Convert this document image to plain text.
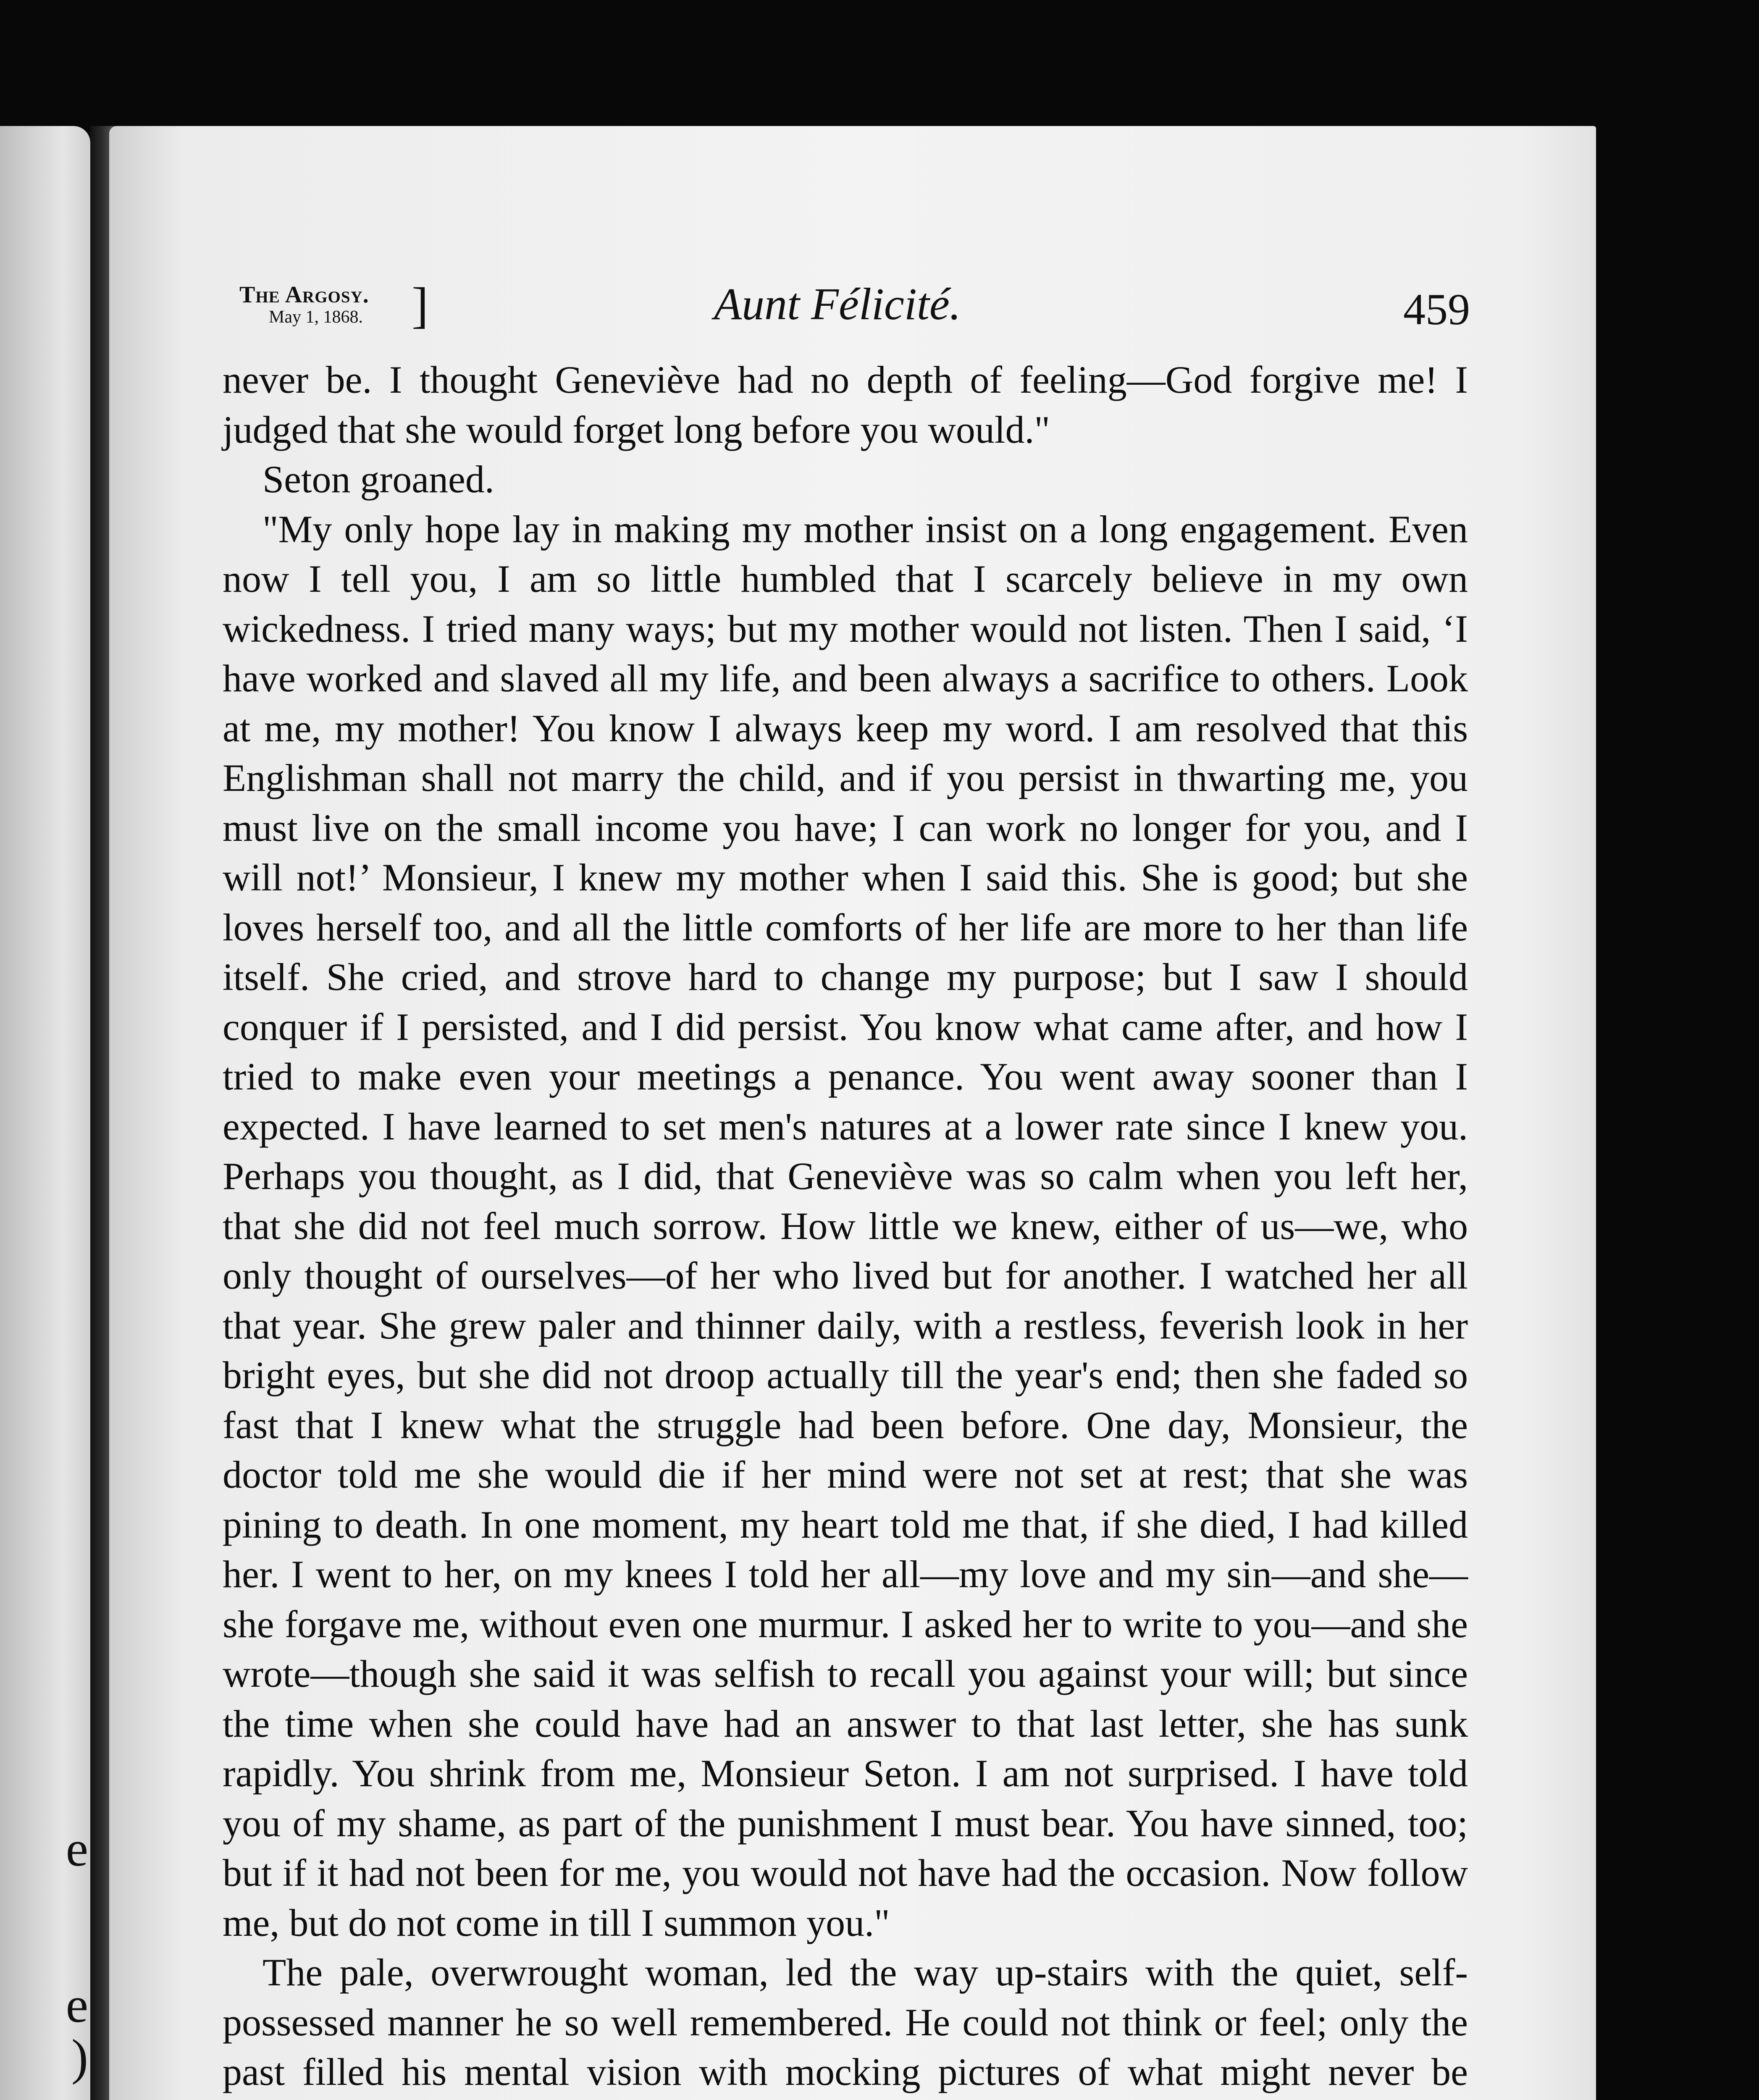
e

e
)

The Argosy.
May 1, 1868. ]	Aunt Félicité.	459

never be. I thought Geneviève had no depth of feeling—God forgive me! I judged that she would forget long before you would."

Seton groaned.

"My only hope lay in making my mother insist on a long engagement. Even now I tell you, I am so little humbled that I scarcely believe in my own wickedness. I tried many ways; but my mother would not listen. Then I said, ‘I have worked and slaved all my life, and been always a sacrifice to others. Look at me, my mother! You know I always keep my word. I am resolved that this Englishman shall not marry the child, and if you persist in thwarting me, you must live on the small income you have; I can work no longer for you, and I will not!’ Monsieur, I knew my mother when I said this. She is good; but she loves herself too, and all the little comforts of her life are more to her than life itself. She cried, and strove hard to change my purpose; but I saw I should conquer if I persisted, and I did persist. You know what came after, and how I tried to make even your meetings a penance. You went away sooner than I expected. I have learned to set men's natures at a lower rate since I knew you. Perhaps you thought, as I did, that Geneviève was so calm when you left her, that she did not feel much sorrow. How little we knew, either of us—we, who only thought of ourselves—of her who lived but for another. I watched her all that year. She grew paler and thinner daily, with a restless, feverish look in her bright eyes, but she did not droop actually till the year's end; then she faded so fast that I knew what the struggle had been before. One day, Monsieur, the doctor told me she would die if her mind were not set at rest; that she was pining to death. In one moment, my heart told me that, if she died, I had killed her. I went to her, on my knees I told her all—my love and my sin—and she—she forgave me, without even one murmur. I asked her to write to you—and she wrote—though she said it was selfish to recall you against your will; but since the time when she could have had an answer to that last letter, she has sunk rapidly. You shrink from me, Monsieur Seton. I am not surprised. I have told you of my shame, as part of the punishment I must bear. You have sinned, too; but if it had not been for me, you would not have had the occasion. Now follow me, but do not come in till I summon you."

The pale, overwrought woman, led the way up-stairs with the quiet, self-possessed manner he so well remembered. He could not think or feel; only the past filled his mental vision with mocking pictures of what might never be
